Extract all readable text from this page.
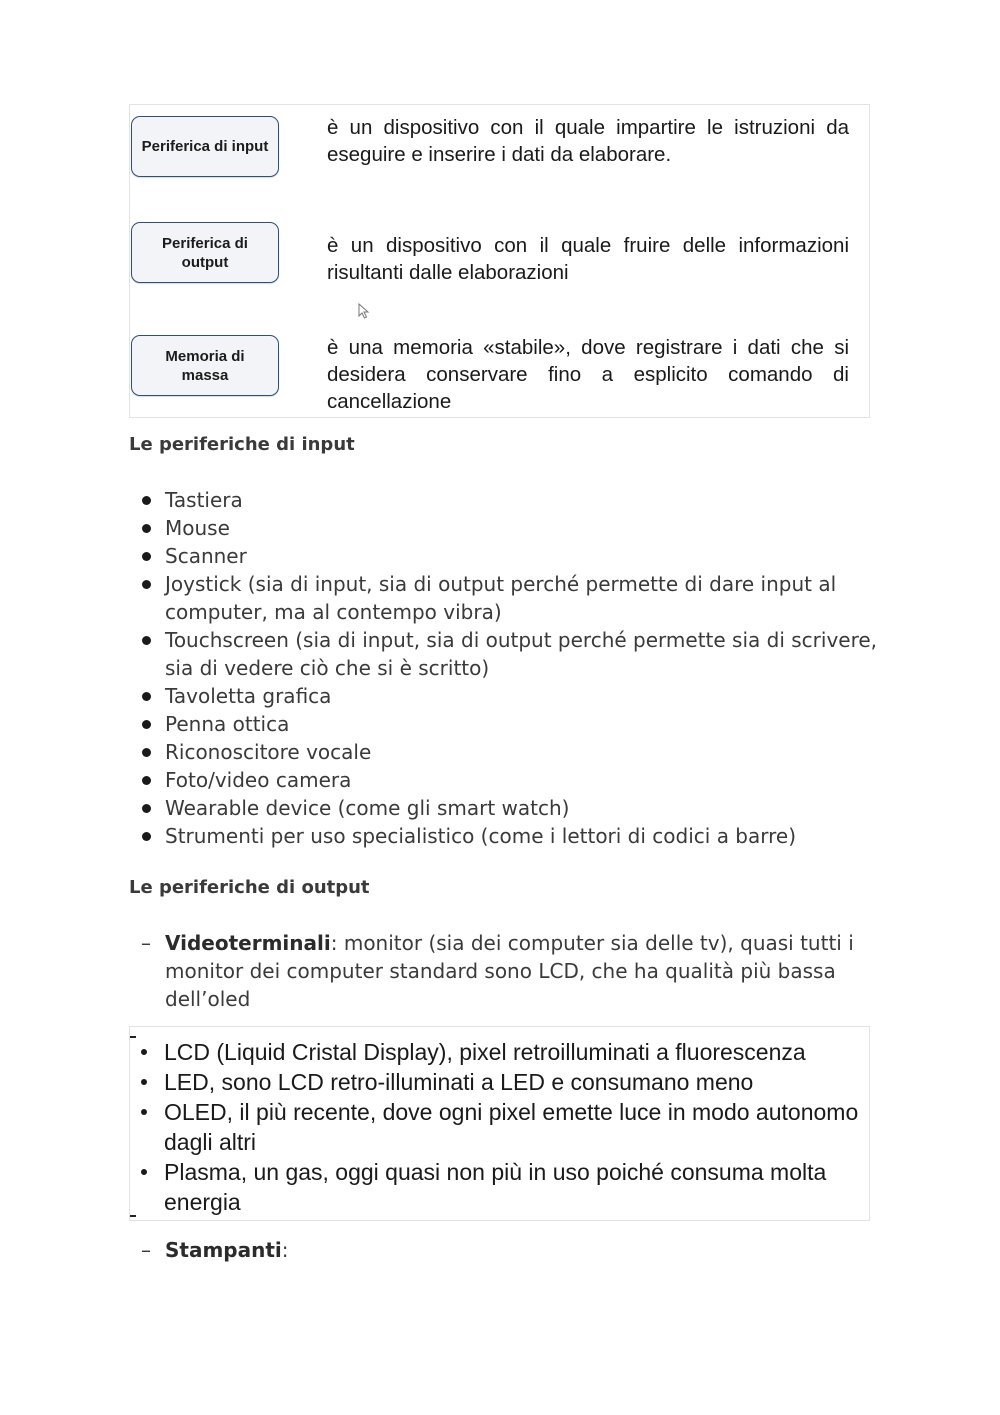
Periferica di input
è un dispositivo con il quale impartire le istruzioni da eseguire e inserire i dati da elaborare.
Periferica di output
è un dispositivo con il quale fruire delle informazioni risultanti dalle elaborazioni
Memoria di massa
è una memoria «stabile», dove registrare i dati che si desidera conservare fino a esplicito comando di cancellazione
Le periferiche di input
Tastiera
Mouse
Scanner
Joystick (sia di input, sia di output perché permette di dare input al computer, ma al contempo vibra)
Touchscreen (sia di input, sia di output perché permette sia di scrivere, sia di vedere ciò che si è scritto)
Tavoletta grafica
Penna ottica
Riconoscitore vocale
Foto/video camera
Wearable device (come gli smart watch)
Strumenti per uso specialistico (come i lettori di codici a barre)
Le periferiche di output
– Videoterminali: monitor (sia dei computer sia delle tv), quasi tutti i monitor dei computer standard sono LCD, che ha qualità più bassa dell’oled
LCD (Liquid Cristal Display), pixel retroilluminati a fluorescenza
LED, sono LCD retro-illuminati a LED e consumano meno
OLED, il più recente, dove ogni pixel emette luce in modo autonomo dagli altri
Plasma, un gas, oggi quasi non più in uso poiché consuma molta energia
– Stampanti:
